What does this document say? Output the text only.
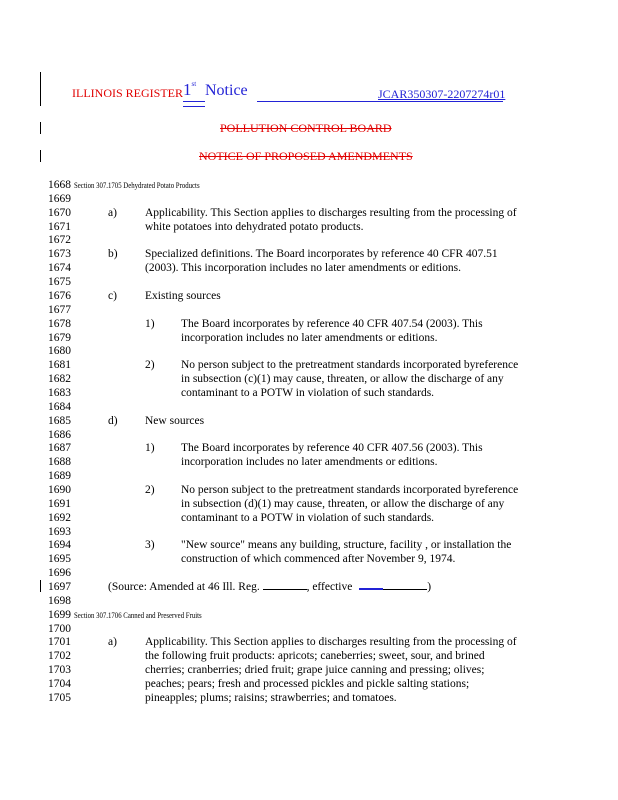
ILLINOIS REGISTER 1st Notice	JCAR350307-2207274r01
POLLUTION CONTROL BOARD
NOTICE OF PROPOSED AMENDMENTS
1668 Section 307.1705 Dehydrated Potato Products
1669
1670	a) Applicability. This Section applies to discharges resulting from the processing of
1671	white potatoes into dehydrated potato products.
1672
1673	b) Specialized definitions. The Board incorporates by reference 40 CFR 407.51
1674	(2003). This incorporation includes no later amendments or editions.
1675
1676	c) Existing sources
1677
1678	1) The Board incorporates by reference 40 CFR 407.54 (2003). This
1679	incorporation includes no later amendments or editions.
1680
1681	2) No person subject to the pretreatment standards incorporated byreference
1682	in subsection (c)(1) may cause, threaten, or allow the discharge of any
1683	contaminant to a POTW in violation of such standards.
1684
1685	d) New sources
1686
1687	1) The Board incorporates by reference 40 CFR 407.56 (2003). This
1688	incorporation includes no later amendments or editions.
1689
1690	2) No person subject to the pretreatment standards incorporated byreference
1691	in subsection (d)(1) may cause, threaten, or allow the discharge of any
1692	contaminant to a POTW in violation of such standards.
1693
1694	3) "New source" means any building, structure, facility , or installation the
1695	construction of which commenced after November 9, 1974.
1696
1697	(Source: Amended at 46 Ill. Reg.	, effective	)
1698
1699 Section 307.1706 Canned and Preserved Fruits
1700
1701	a) Applicability. This Section applies to discharges resulting from the processing of
1702	the following fruit products: apricots; caneberries; sweet, sour, and brined
1703	cherries; cranberries; dried fruit; grape juice canning and pressing; olives;
1704	peaches; pears; fresh and processed pickles and pickle salting stations;
1705	pineapples; plums; raisins; strawberries; and tomatoes.
